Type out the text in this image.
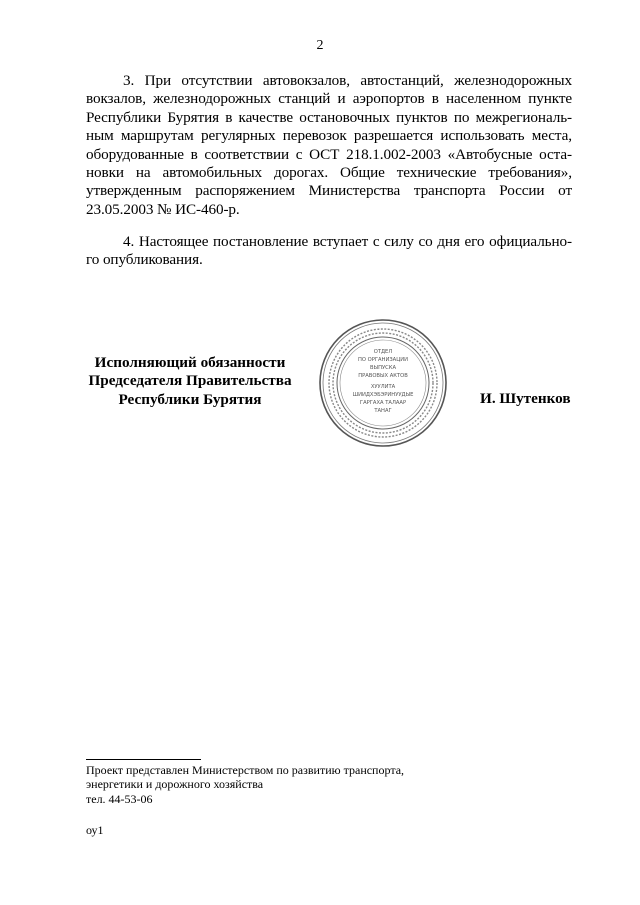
2

3. При отсутствии автовокзалов, автостанций, железнодорожных вокзалов, железнодорожных станций и аэропортов в населенном пункте Республики Бурятия в качестве остановочных пунктов по межрегиональ-ным маршрутам регулярных перевозок разрешается использовать места, оборудованные в соответствии с ОСТ 218.1.002-2003 «Автобусные оста-новки на автомобильных дорогах. Общие технические требования», утвержденным распоряжением Министерства транспорта России от 23.05.2003 № ИС-460-р.

4. Настоящее постановление вступает с силу со дня его официально-го опубликования.

Исполняющий обязанности
Председателя Правительства
Республики Бурятия
ОТДЕЛ
ПО ОРГАНИЗАЦИИ
ВЫПУСКА
ПРАВОВЫХ АКТОВ
ХУУЛИТА
ШИИДХЭБЭРИНУУДЫЕ
ГАРГАХА ТАЛААР
ТАНАГ
И. Шутенков
Проект представлен Министерством по развитию транспорта,
энергетики и дорожного хозяйства
тел. 44-53-06
оу1
